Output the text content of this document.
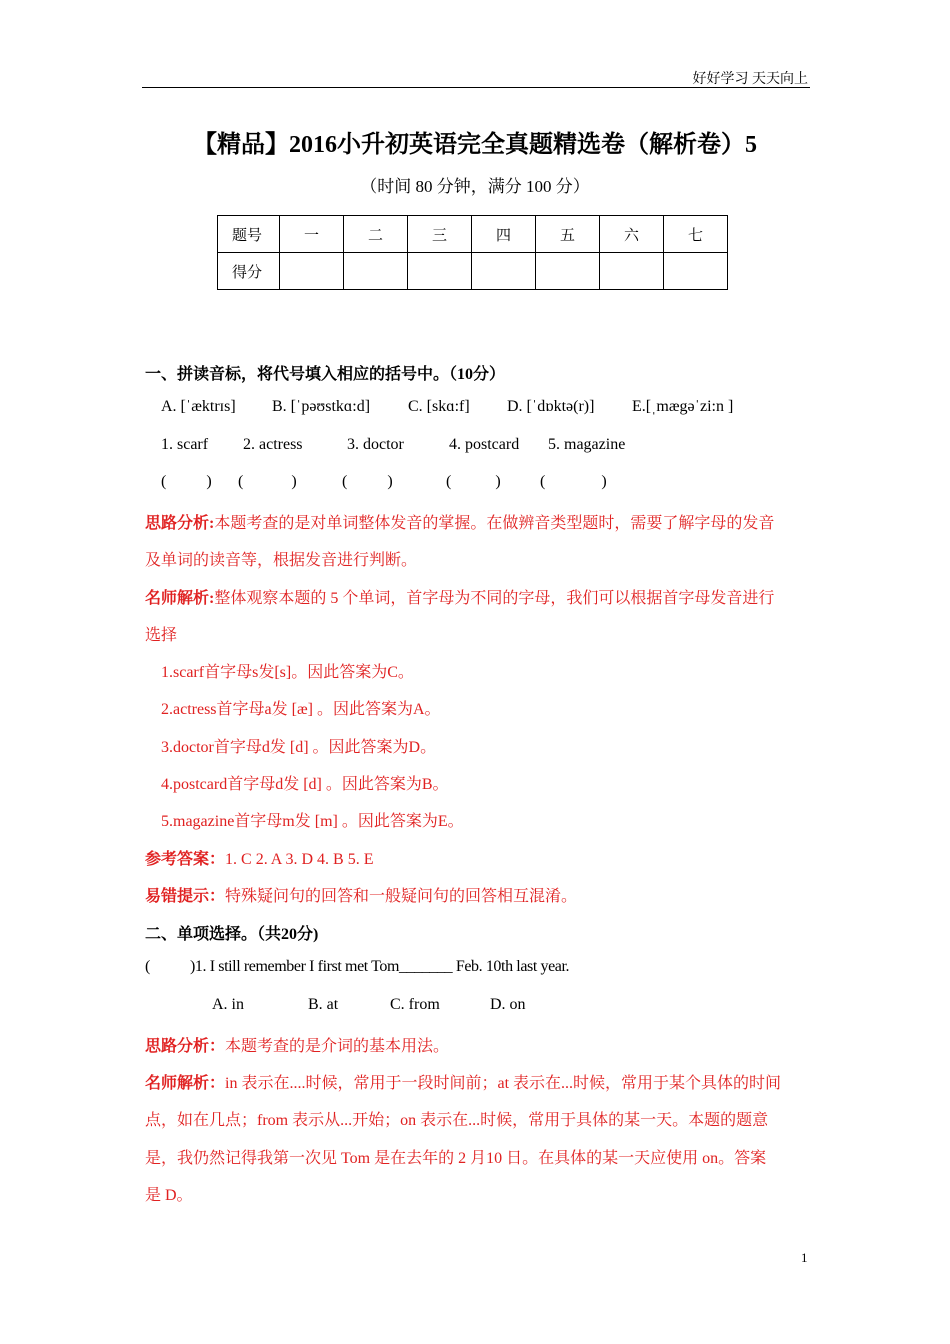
好好学习 天天向上
【精品】2016小升初英语完全真题精选卷（解析卷）5
（时间 80 分钟，满分 100 分）
题号	一	二	三	四	五	六	七
得分							
一、拼读音标，将代号填入相应的括号中。（10分）
A. [ˈæktrɪs] B. [ˈpəʊstkɑ:d] C. [skɑ:f] D. [ˈdɒktə(r)] E.[ˌmægəˈzi:n ]
1. scarf 2. actress	3. doctor	4. postcard 5. magazine
(          ) (            )	(          )	(           ) (              )
思路分析:本题考查的是对单词整体发音的掌握。在做辨音类型题时，需要了解字母的发音
及单词的读音等，根据发音进行判断。
名师解析:整体观察本题的 5 个单词，首字母为不同的字母，我们可以根据首字母发音进行
选择
1.scarf首字母s发[s]。因此答案为C。
2.actress首字母a发 [æ] 。因此答案为A。
3.doctor首字母d发 [d] 。因此答案为D。
4.postcard首字母d发 [d] 。因此答案为B。
5.magazine首字母m发 [m] 。因此答案为E。
参考答案：1. C 2. A 3. D 4. B 5. E
易错提示：特殊疑问句的回答和一般疑问句的回答相互混淆。
二、单项选择。（共20分)
( )1. I still remember I first met Tom_______ Feb. 10th last year.
A. in	B. at	C. from	D. on
思路分析：本题考查的是介词的基本用法。
名师解析：in 表示在....时候，常用于一段时间前；at 表示在...时候，常用于某个具体的时间
点，如在几点；from 表示从...开始；on 表示在...时候，常用于具体的某一天。本题的题意
是，我仍然记得我第一次见 Tom 是在去年的 2 月10 日。在具体的某一天应使用 on。答案
是 D。
1
